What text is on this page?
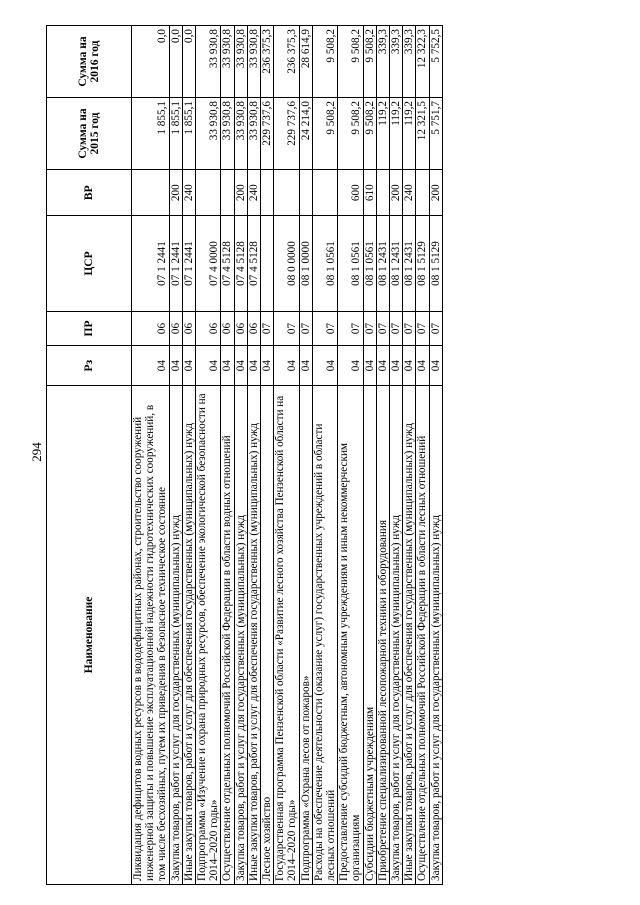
294
Наименование	Рз	ПР	ЦСР	ВР	Сумма на 2015 год	Сумма на 2016 год
Ликвидация дефицитов водных ресурсов в вододефицитных районах, строительство сооружений инженерной защиты и повышение эксплуатационной надежности гидротехнических сооружений, в том числе бесхозяйных, путем их приведения в безопасное техническое состояние	04	06	07 1 2441		1 855,1	0,0
Закупка товаров, работ и услуг для государственных (муниципальных) нужд	04	06	07 1 2441	200	1 855,1	0,0
Иные закупки товаров, работ и услуг для обеспечения государственных (муниципальных) нужд	04	06	07 1 2441	240	1 855,1	0,0
Подпрограмма «Изучение и охрана природных ресурсов, обеспечение экологической безопасности на 2014–2020 годы»	04	06	07 4 0000		33 930,8	33 930,8
Осуществление отдельных полномочий Российской Федерации в области водных отношений	04	06	07 4 5128		33 930,8	33 930,8
Закупка товаров, работ и услуг для государственных (муниципальных) нужд	04	06	07 4 5128	200	33 930,8	33 930,8
Иные закупки товаров, работ и услуг для обеспечения государственных (муниципальных) нужд	04	06	07 4 5128	240	33 930,8	33 930,8
Лесное хозяйство	04	07			229 737,6	236 375,3
Государственная программа Пензенской области «Развитие лесного хозяйства Пензенской области на 2014–2020 годы»	04	07	08 0 0000		229 737,6	236 375,3
Подпрограмма «Охрана лесов от пожаров»	04	07	08 1 0000		24 214,0	28 614,9
Расходы на обеспечение деятельности (оказание услуг) государственных учреждений в области лесных отношений	04	07	08 1 0561		9 508,2	9 508,2
Предоставление субсидий бюджетным, автономным учреждениям и иным некоммерческим организациям	04	07	08 1 0561	600	9 508,2	9 508,2
Субсидии бюджетным учреждениям	04	07	08 1 0561	610	9 508,2	9 508,2
Приобретение специализированной лесопожарной техники и оборудования	04	07	08 1 2431		119,2	339,3
Закупка товаров, работ и услуг для государственных (муниципальных) нужд	04	07	08 1 2431	200	119,2	339,3
Иные закупки товаров, работ и услуг для обеспечения государственных (муниципальных) нужд	04	07	08 1 2431	240	119,2	339,3
Осуществление отдельных полномочий Российской Федерации в области лесных отношений	04	07	08 1 5129		12 321,5	12 322,3
Закупка товаров, работ и услуг для государственных (муниципальных) нужд	04	07	08 1 5129	200	5 751,7	5 752,5
